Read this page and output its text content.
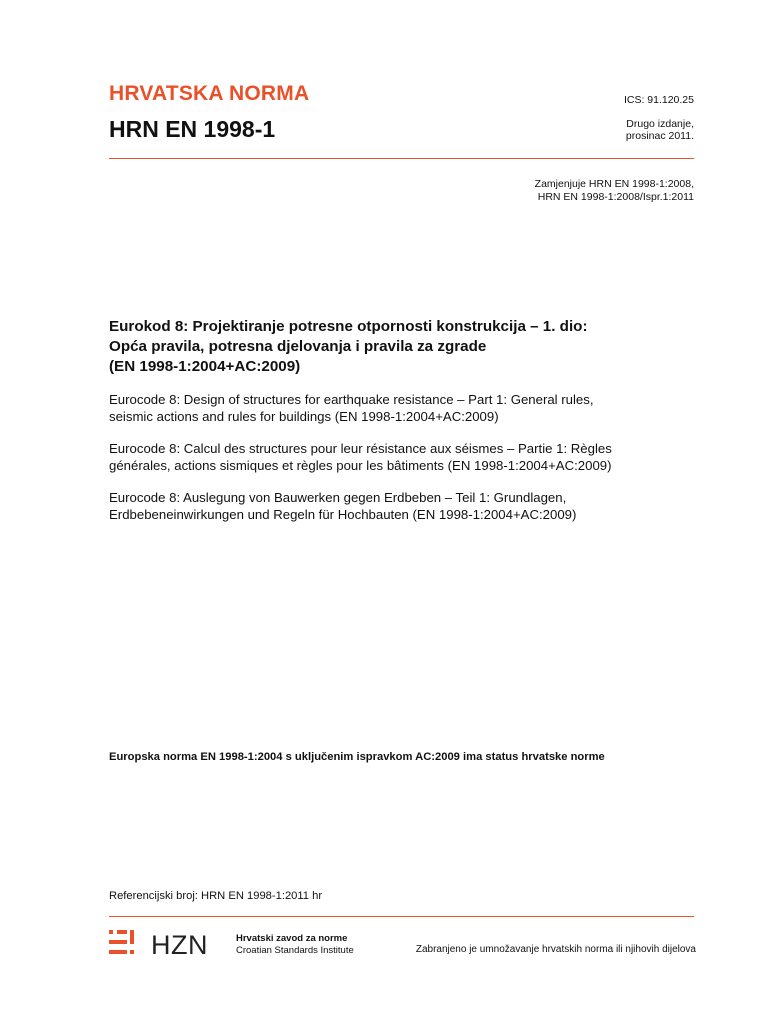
HRVATSKA NORMA
HRN EN 1998-1
ICS: 91.120.25
Drugo izdanje,
prosinac 2011.
Zamjenjuje HRN EN 1998-1:2008,
HRN EN 1998-1:2008/Ispr.1:2011
Eurokod 8: Projektiranje potresne otpornosti konstrukcija – 1. dio:
Opća pravila, potresna djelovanja i pravila za zgrade
(EN 1998-1:2004+AC:2009)
Eurocode 8: Design of structures for earthquake resistance – Part 1: General rules,
seismic actions and rules for buildings (EN 1998-1:2004+AC:2009)
Eurocode 8: Calcul des structures pour leur résistance aux séismes – Partie 1: Règles
générales, actions sismiques et règles pour les bâtiments (EN 1998-1:2004+AC:2009)
Eurocode 8: Auslegung von Bauwerken gegen Erdbeben – Teil 1: Grundlagen,
Erdbebeneinwirkungen und Regeln für Hochbauten (EN 1998-1:2004+AC:2009)
Europska norma EN 1998-1:2004 s uključenim ispravkom AC:2009 ima status hrvatske norme
Referencijski broj: HRN EN 1998-1:2011 hr
HZN	Hrvatski zavod za norme
Croatian Standards Institute	Zabranjeno je umnožavanje hrvatskih norma ili njihovih dijelova
